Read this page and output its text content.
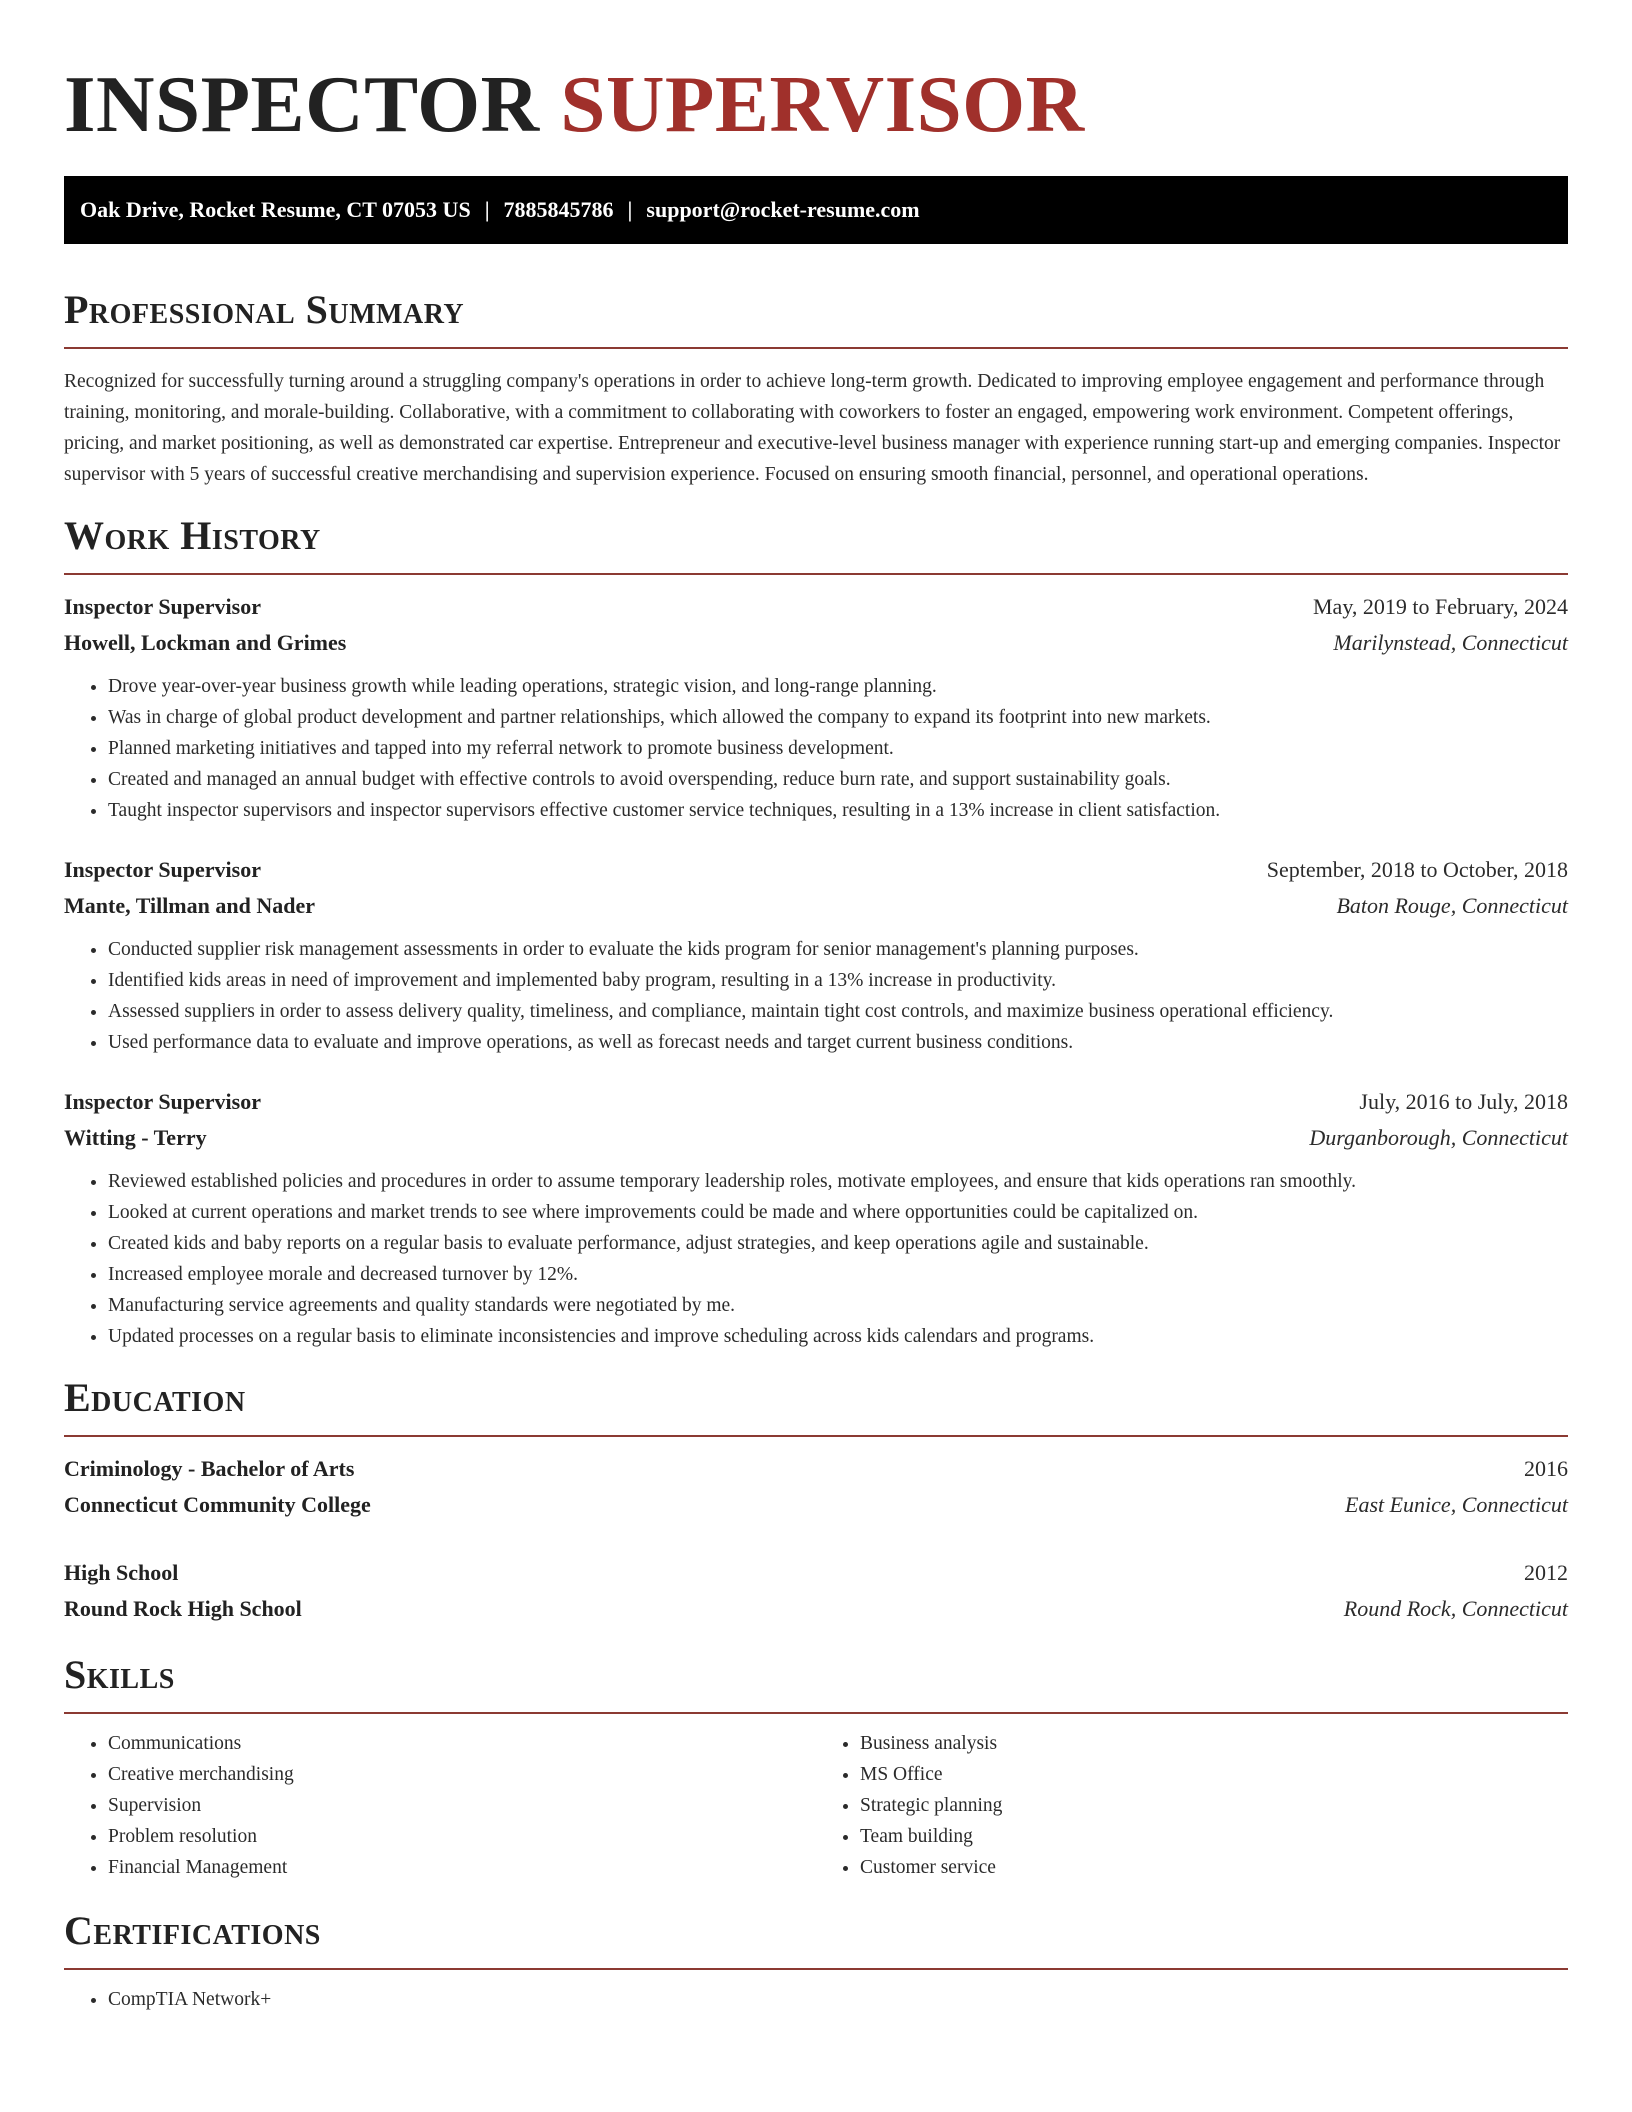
INSPECTOR SUPERVISOR
Oak Drive, Rocket Resume, CT 07053 US | 7885845786 | support@rocket-resume.com
Professional Summary

Recognized for successfully turning around a struggling company's operations in order to achieve long-term growth. Dedicated to improving employee engagement and performance through training, monitoring, and morale-building. Collaborative, with a commitment to collaborating with coworkers to foster an engaged, empowering work environment. Competent offerings, pricing, and market positioning, as well as demonstrated car expertise. Entrepreneur and executive-level business manager with experience running start-up and emerging companies. Inspector supervisor with 5 years of successful creative merchandising and supervision experience. Focused on ensuring smooth financial, personnel, and operational operations.

Work History
Inspector Supervisor	May, 2019 to February, 2024
Howell, Lockman and Grimes	Marilynstead, Connecticut
• Drove year-over-year business growth while leading operations, strategic vision, and long-range planning.
• Was in charge of global product development and partner relationships, which allowed the company to expand its footprint into new markets.
• Planned marketing initiatives and tapped into my referral network to promote business development.
• Created and managed an annual budget with effective controls to avoid overspending, reduce burn rate, and support sustainability goals.
• Taught inspector supervisors and inspector supervisors effective customer service techniques, resulting in a 13% increase in client satisfaction.
Inspector Supervisor	September, 2018 to October, 2018
Mante, Tillman and Nader	Baton Rouge, Connecticut
• Conducted supplier risk management assessments in order to evaluate the kids program for senior management's planning purposes.
• Identified kids areas in need of improvement and implemented baby program, resulting in a 13% increase in productivity.
• Assessed suppliers in order to assess delivery quality, timeliness, and compliance, maintain tight cost controls, and maximize business operational efficiency.
• Used performance data to evaluate and improve operations, as well as forecast needs and target current business conditions.
Inspector Supervisor	July, 2016 to July, 2018
Witting - Terry	Durganborough, Connecticut
• Reviewed established policies and procedures in order to assume temporary leadership roles, motivate employees, and ensure that kids operations ran smoothly.
• Looked at current operations and market trends to see where improvements could be made and where opportunities could be capitalized on.
• Created kids and baby reports on a regular basis to evaluate performance, adjust strategies, and keep operations agile and sustainable.
• Increased employee morale and decreased turnover by 12%.
• Manufacturing service agreements and quality standards were negotiated by me.
• Updated processes on a regular basis to eliminate inconsistencies and improve scheduling across kids calendars and programs.
Education
Criminology - Bachelor of Arts	2016
Connecticut Community College	East Eunice, Connecticut
High School	2012
Round Rock High School	Round Rock, Connecticut
Skills
• Communications
• Creative merchandising
• Supervision
• Problem resolution
• Financial Management
• Business analysis
• MS Office
• Strategic planning
• Team building
• Customer service
Certifications
• CompTIA Network+
